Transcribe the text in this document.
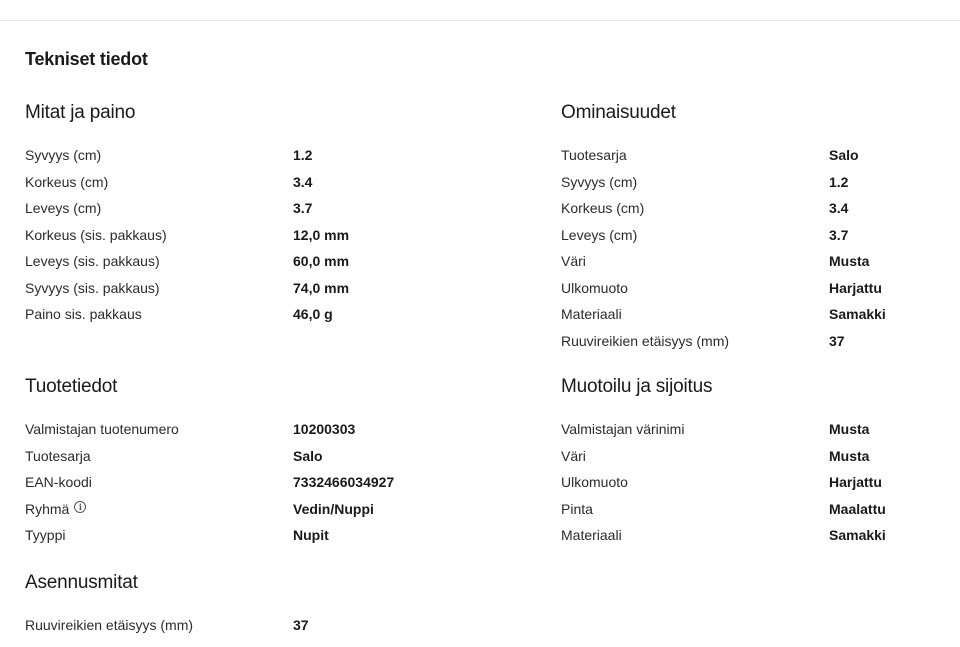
Tekniset tiedot
Mitat ja paino
Syvyys (cm)	1.2
Korkeus (cm)	3.4
Leveys (cm)	3.7
Korkeus (sis. pakkaus)	12,0 mm
Leveys (sis. pakkaus)	60,0 mm
Syvyys (sis. pakkaus)	74,0 mm
Paino sis. pakkaus	46,0 g
Ominaisuudet
Tuotesarja	Salo
Syvyys (cm)	1.2
Korkeus (cm)	3.4
Leveys (cm)	3.7
Väri	Musta
Ulkomuoto	Harjattu
Materiaali	Samakki
Ruuvireikien etäisyys (mm)	37
Tuotetiedot
Valmistajan tuotenumero	10200303
Tuotesarja	Salo
EAN-koodi	7332466034927
Ryhmä	i	Vedin/Nuppi
Tyyppi	Nupit
Muotoilu ja sijoitus
Valmistajan värinimi	Musta
Väri	Musta
Ulkomuoto	Harjattu
Pinta	Maalattu
Materiaali	Samakki
Asennusmitat
Ruuvireikien etäisyys (mm)	37
